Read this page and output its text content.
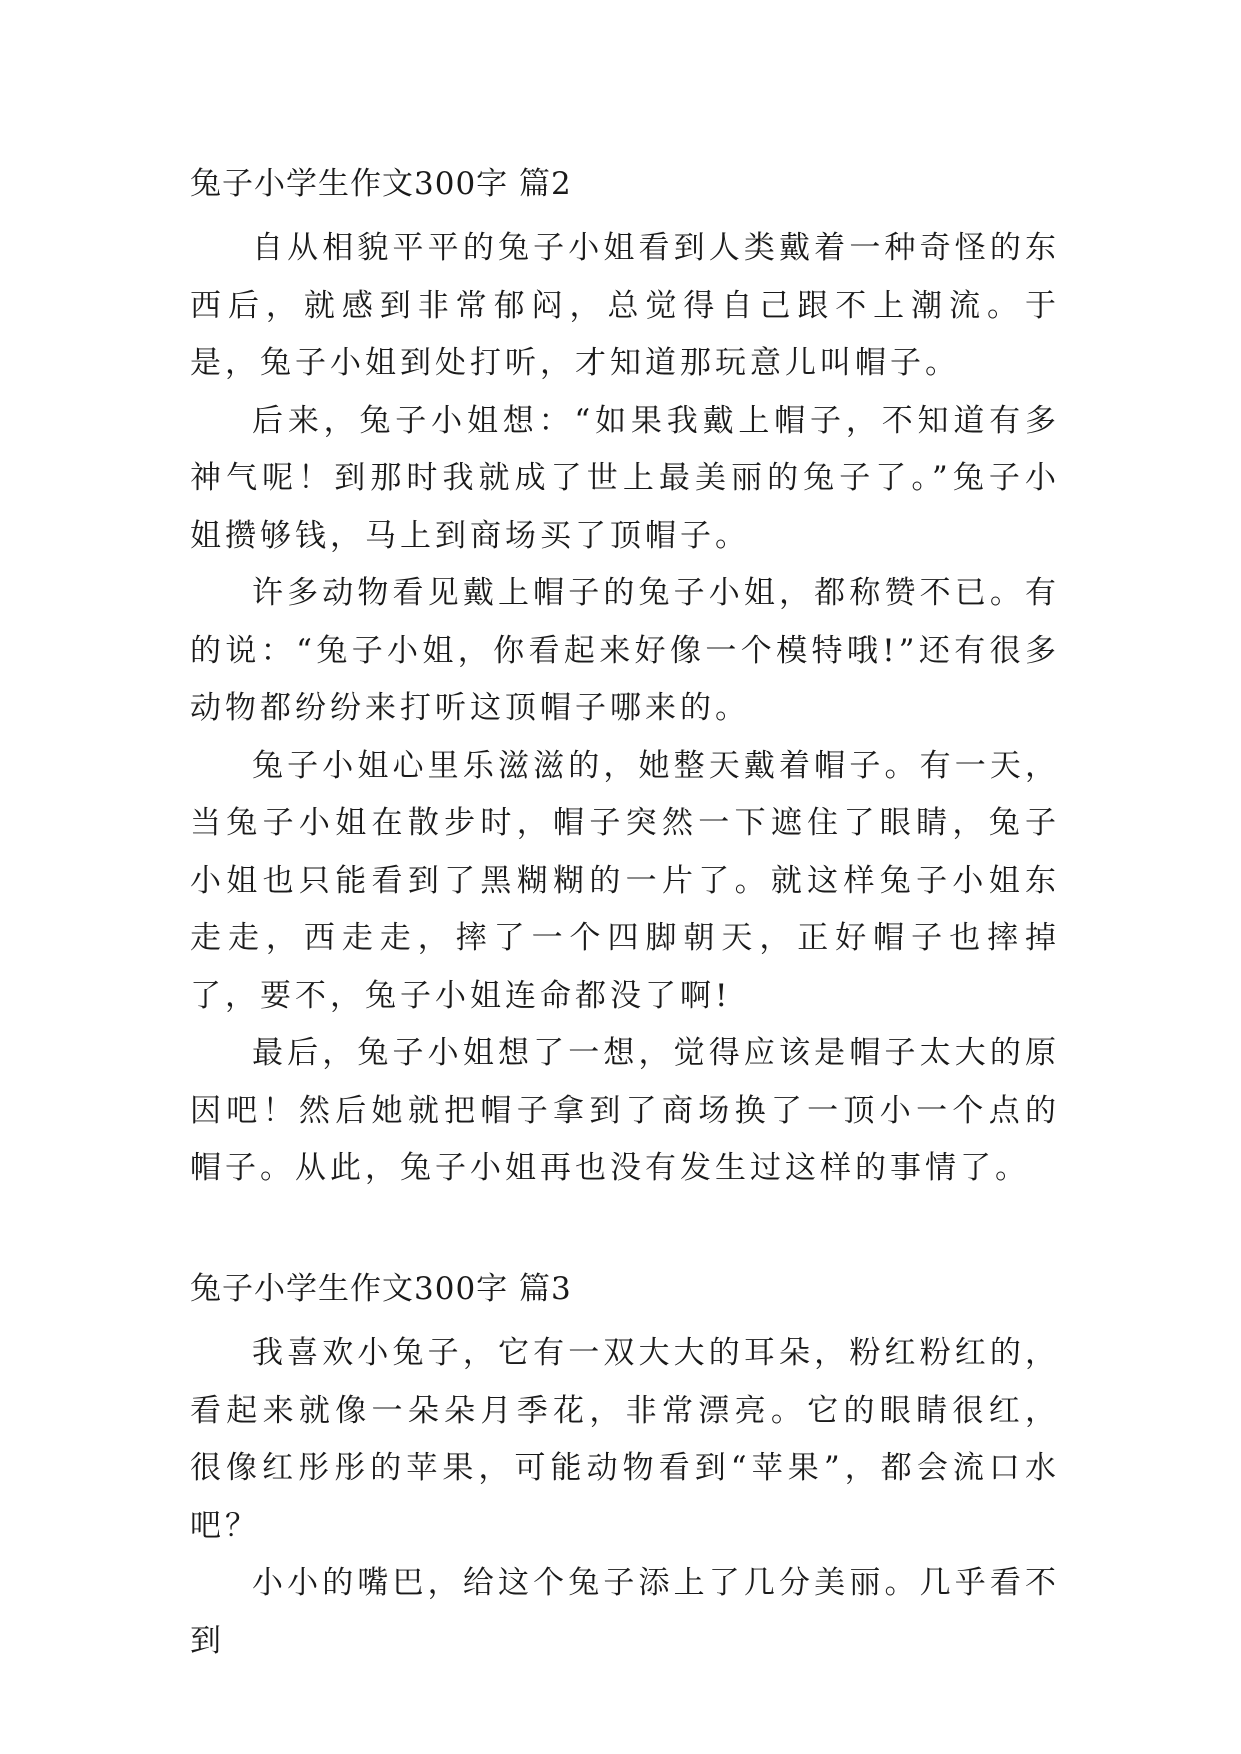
兔子小学生作文300字 篇2

自从相貌平平的兔子小姐看到人类戴着一种奇怪的东西后，就感到非常郁闷，总觉得自己跟不上潮流。于是，兔子小姐到处打听，才知道那玩意儿叫帽子。

后来，兔子小姐想：“如果我戴上帽子，不知道有多神气呢！到那时我就成了世上最美丽的兔子了。”兔子小姐攒够钱，马上到商场买了顶帽子。

许多动物看见戴上帽子的兔子小姐，都称赞不已。有的说：“兔子小姐，你看起来好像一个模特哦!”还有很多动物都纷纷来打听这顶帽子哪来的。

兔子小姐心里乐滋滋的，她整天戴着帽子。有一天，当兔子小姐在散步时，帽子突然一下遮住了眼睛，兔子小姐也只能看到了黑糊糊的一片了。就这样兔子小姐东走走，西走走，摔了一个四脚朝天，正好帽子也摔掉了，要不，兔子小姐连命都没了啊!

最后，兔子小姐想了一想，觉得应该是帽子太大的原因吧！然后她就把帽子拿到了商场换了一顶小一个点的帽子。从此，兔子小姐再也没有发生过这样的事情了。

兔子小学生作文300字 篇3

我喜欢小兔子，它有一双大大的耳朵，粉红粉红的，看起来就像一朵朵月季花，非常漂亮。它的眼睛很红，很像红彤彤的苹果，可能动物看到“苹果”，都会流口水吧？

小小的嘴巴，给这个兔子添上了几分美丽。几乎看不到
